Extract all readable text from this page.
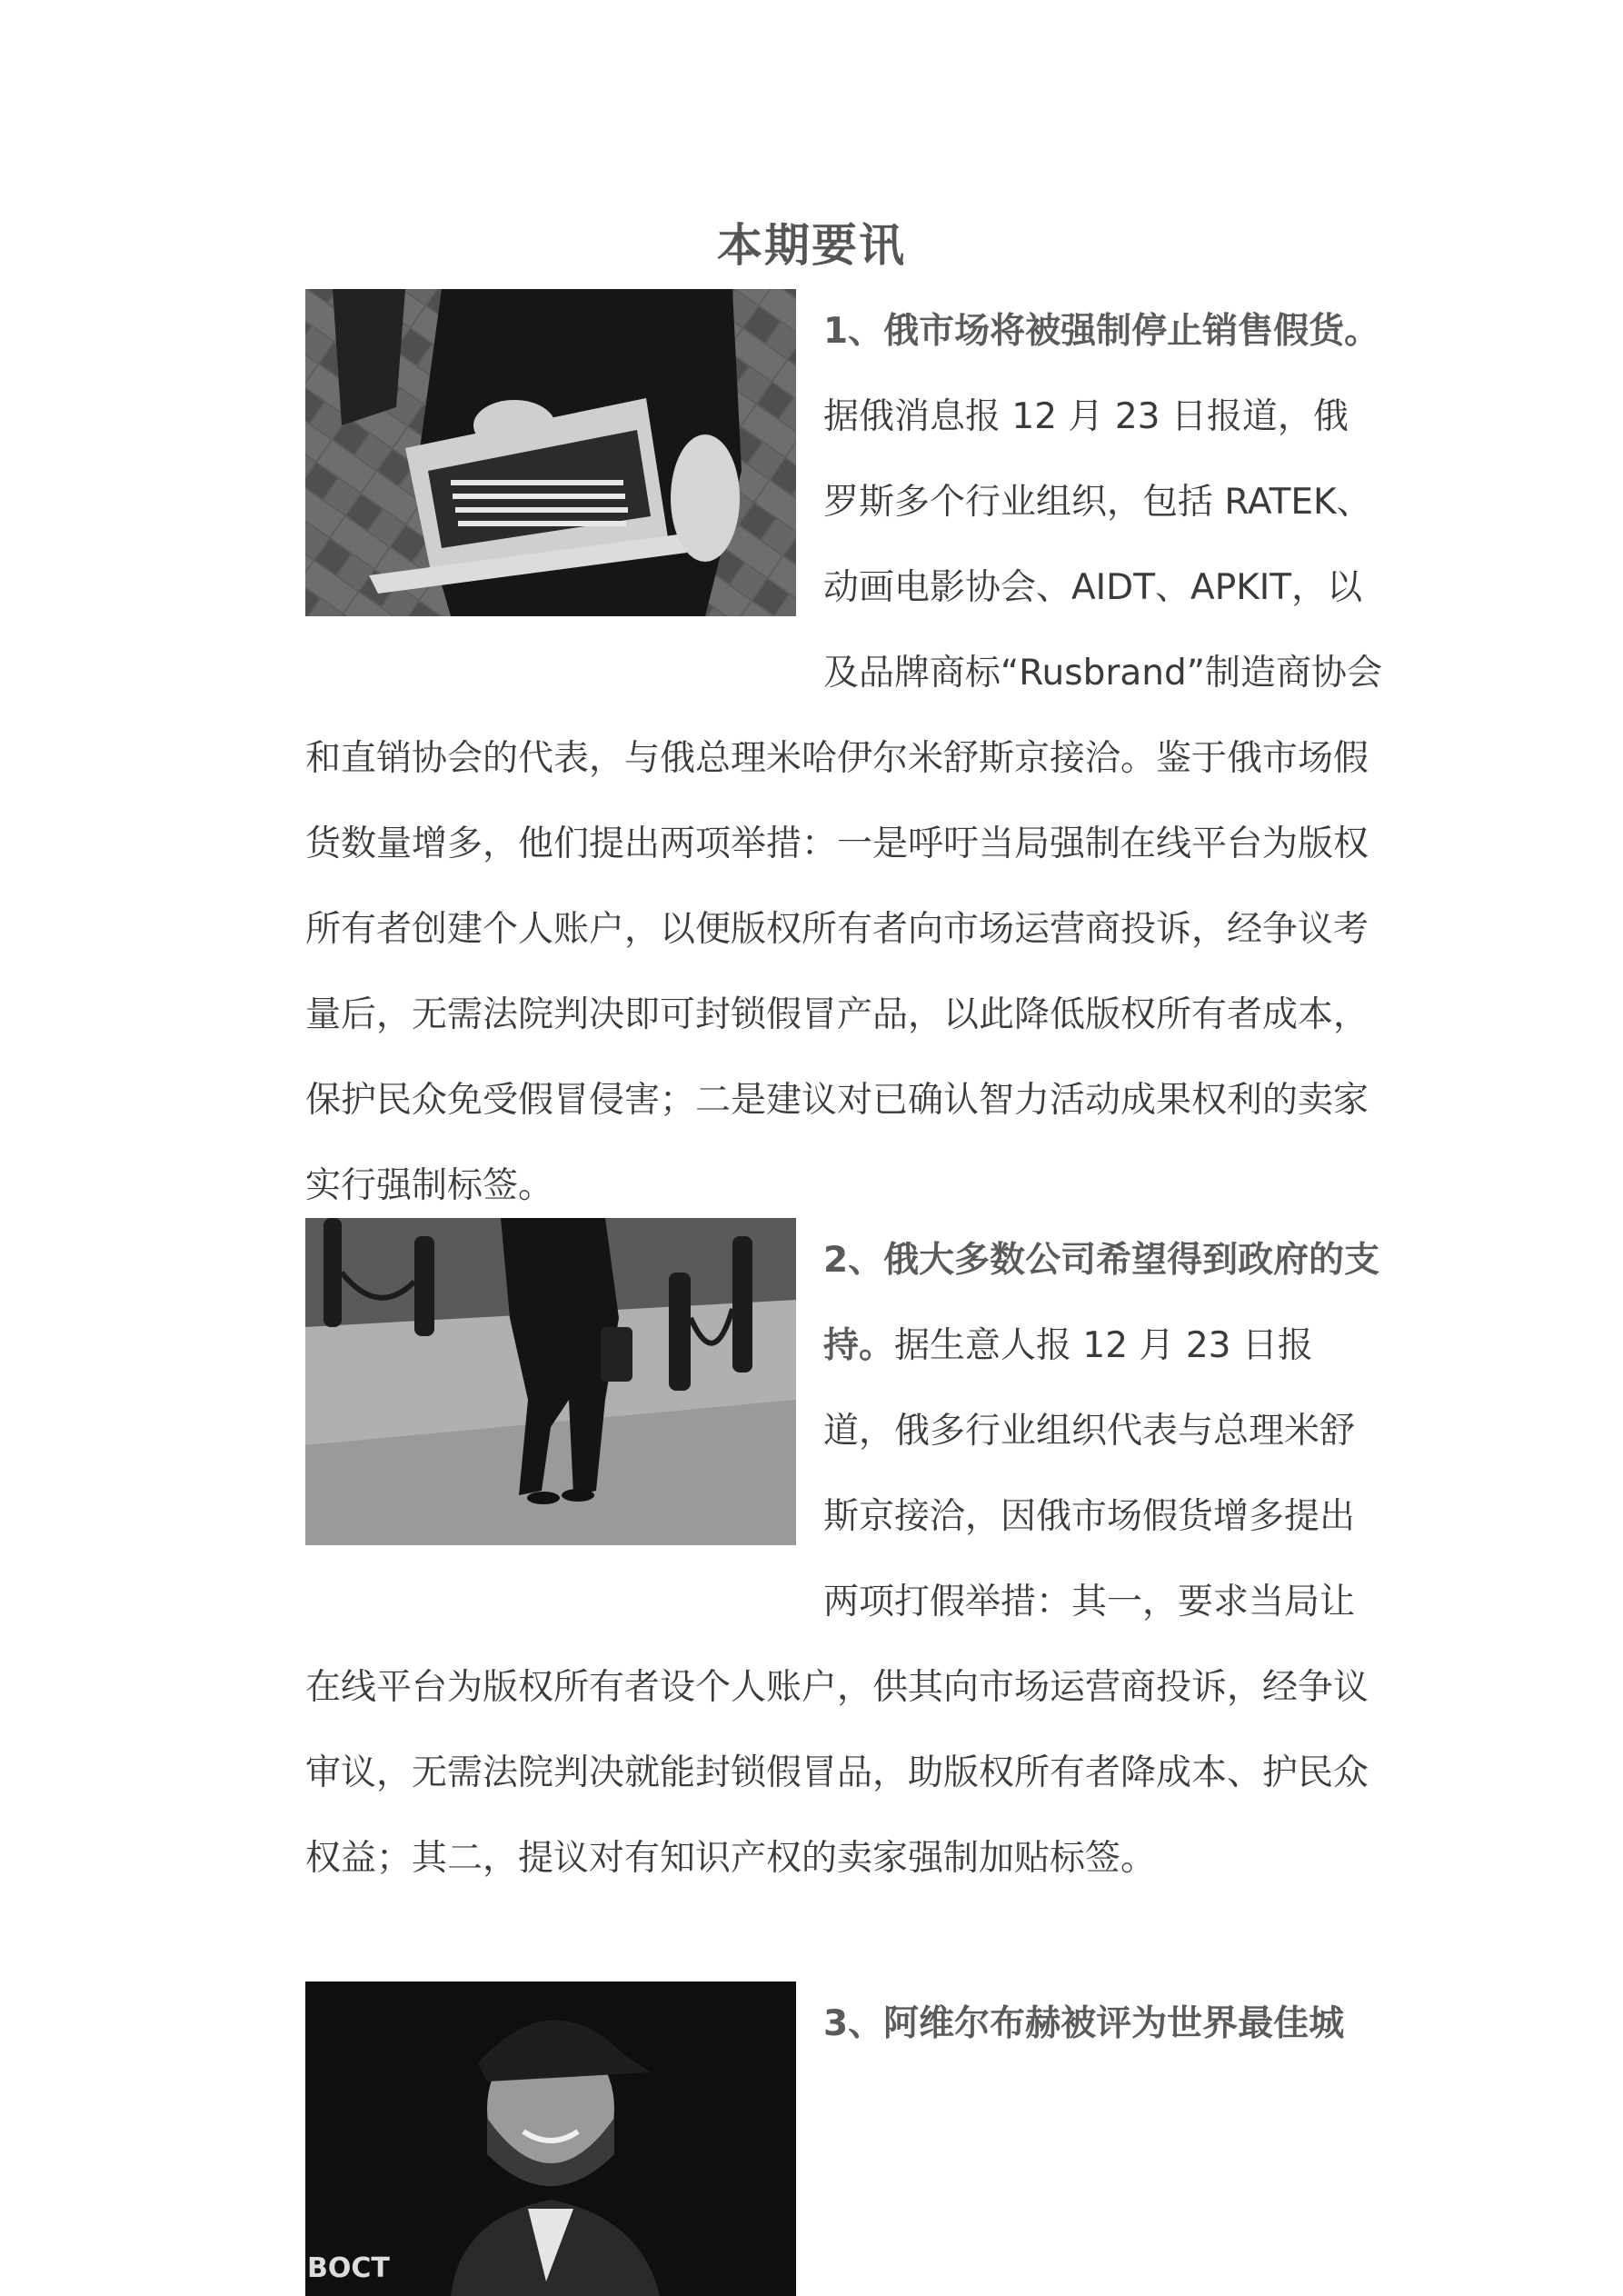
本期要讯

1、俄市场将被强制停止销售假货。据俄消息报 12 月 23 日报道，俄罗斯多个行业组织，包括 RATEK、动画电影协会、AIDT、APKIT，以及品牌商标“Rusbrand”制造商协会和直销协会的代表，与俄总理米哈伊尔米舒斯京接洽。鉴于俄市场假货数量增多，他们提出两项举措：一是呼吁当局强制在线平台为版权所有者创建个人账户，以便版权所有者向市场运营商投诉，经争议考量后，无需法院判决即可封锁假冒产品，以此降低版权所有者成本，保护民众免受假冒侵害；二是建议对已确认智力活动成果权利的卖家实行强制标签。

2、俄大多数公司希望得到政府的支持。据生意人报 12 月 23 日报道，俄多行业组织代表与总理米舒斯京接洽，因俄市场假货增多提出两项打假举措：其一，要求当局让在线平台为版权所有者设个人账户，供其向市场运营商投诉，经争议审议，无需法院判决就能封锁假冒品，助版权所有者降成本、护民众权益；其二，提议对有知识产权的卖家强制加贴标签。

BOCT

3、阿维尔布赫被评为世界最佳城
